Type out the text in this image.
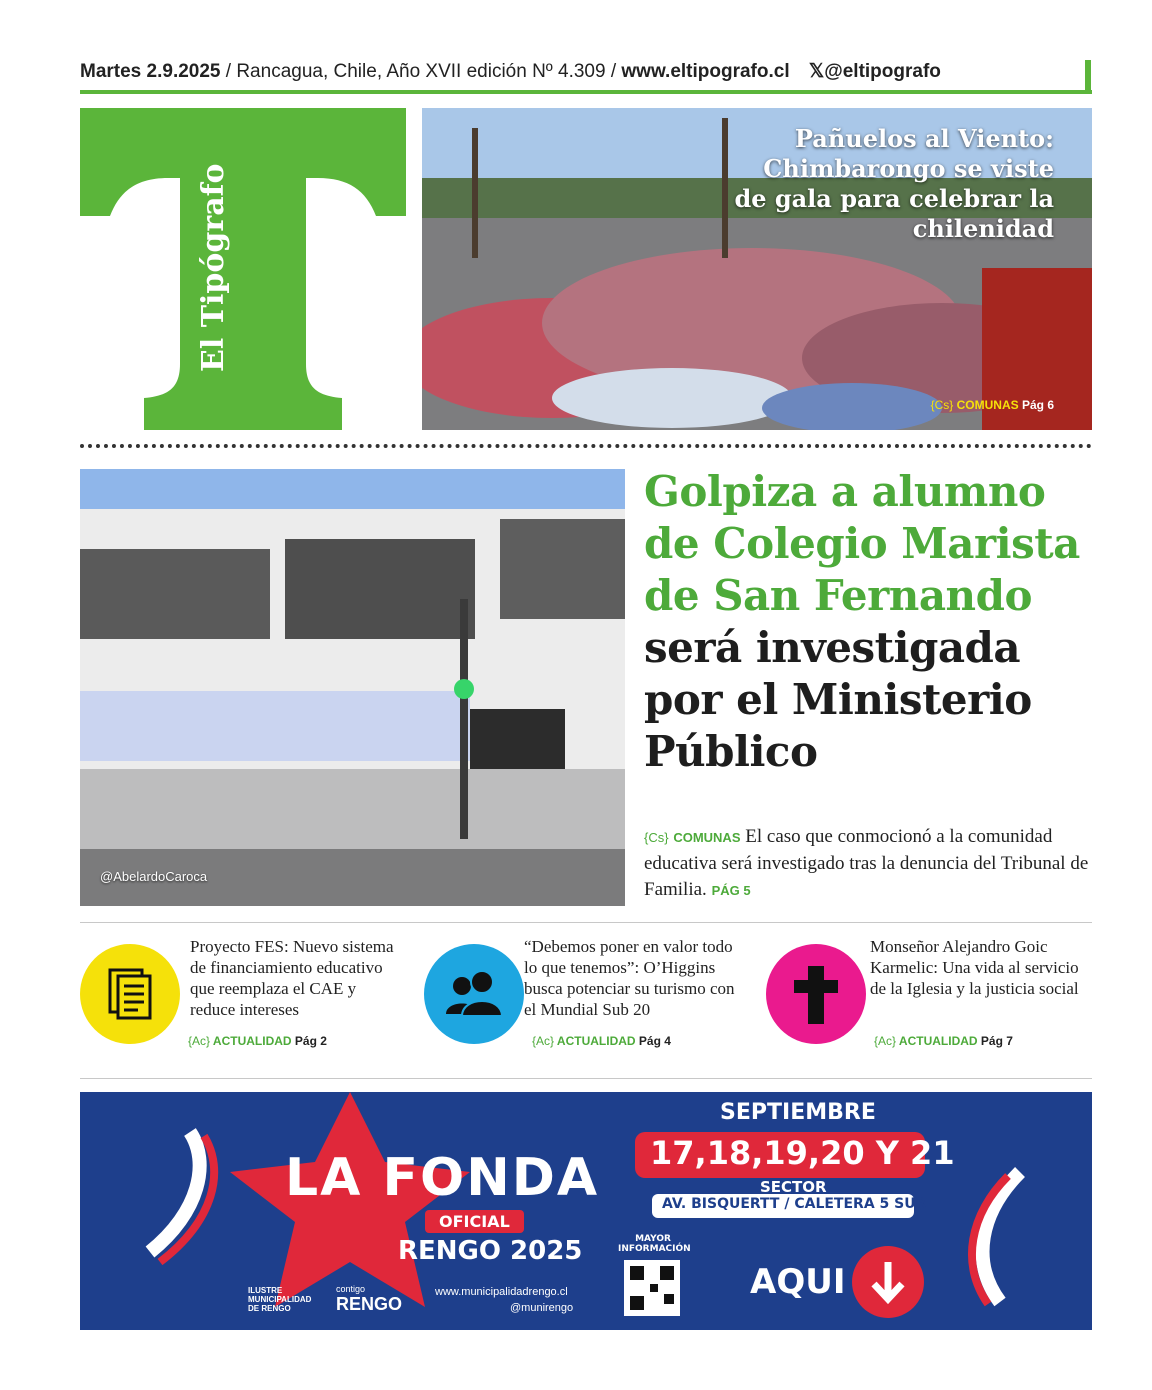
Martes 2.9.2025 / Rancagua, Chile, Año XVII edición Nº 4.309 / www.eltipografo.cl 𝕏@eltipografo
El Tipógrafo
Pañuelos al Viento: Chimbarongo se viste de gala para celebrar la chilenidad
{Cs} COMUNAS Pág 6
@AbelardoCaroca
Golpiza a alumno de Colegio Marista de San Fernando
será investigada por el Ministerio Público
{Cs} COMUNAS El caso que conmocionó a la comunidad educativa será investigado tras la denuncia del Tribunal de Familia. PÁG 5
Proyecto FES: Nuevo sistema de financiamiento educativo que reemplaza el CAE y reduce intereses
{Ac} ACTUALIDAD Pág 2
“Debemos poner en valor todo lo que tenemos”: O’Higgins busca potenciar su turismo con el Mundial Sub 20
{Ac} ACTUALIDAD Pág 4
Monseñor Alejandro Goic Karmelic: Una vida al servicio de la Iglesia y la justicia social
{Ac} ACTUALIDAD Pág 7
LA FONDA
OFICIAL
RENGO 2025
SEPTIEMBRE
17,18,19,20 Y 21
SECTOR
AV. BISQUERTT / CALETERA 5 SUR
MAYOR INFORMACIÓN
AQUI
ILUSTRE MUNICIPALIDAD DE RENGO
contigo
RENGO
www.municipalidadrengo.cl
@munirengo
